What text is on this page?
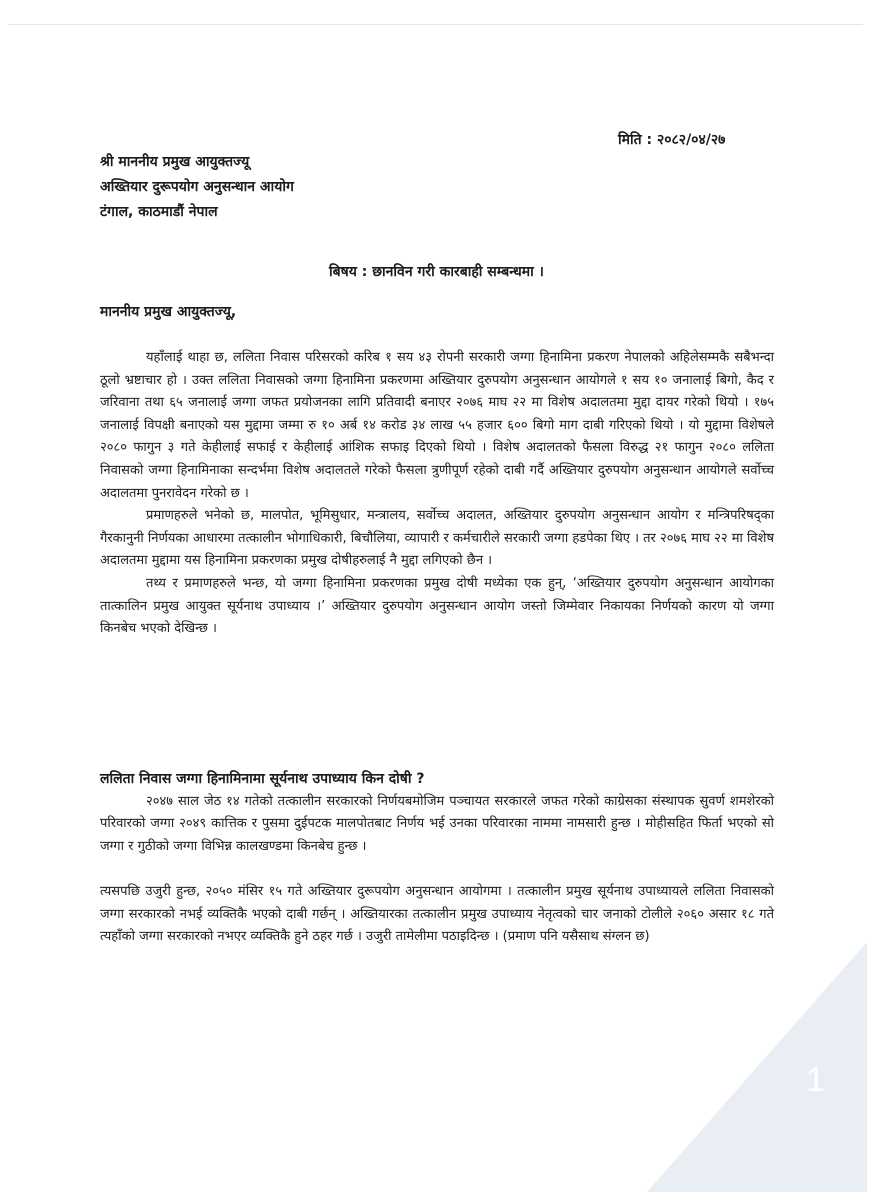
1
मिति : २०८२/०४/२७
श्री माननीय प्रमुख आयुक्तज्यू
अख्तियार दुरूपयोग अनुसन्धान आयोग
टंगाल, काठमाडौं नेपाल
बिषय : छानविन गरी कारबाही सम्बन्धमा ।
माननीय प्रमुख आयुक्तज्यू,

यहाँलाई थाहा छ, ललिता निवास परिसरको करिब १ सय ४३ रोपनी सरकारी जग्गा हिनामिना प्रकरण नेपालको अहिलेसम्मकै सबैभन्दा ठूलो भ्रष्टाचार हो । उक्त ललिता निवासको जग्गा हिनामिना प्रकरणमा अख्तियार दुरुपयोग अनुसन्धान आयोगले १ सय १० जनालाई बिगो, कैद र जरिवाना तथा ६५ जनालाई जग्गा जफत प्रयोजनका लागि प्रतिवादी बनाएर २०७६ माघ २२ मा विशेष अदालतमा मुद्दा दायर गरेको थियो । १७५ जनालाई विपक्षी बनाएको यस मुद्दामा जम्मा रु १० अर्ब १४ करोड ३४ लाख ५५ हजार ६०० बिगो माग दाबी गरिएको थियो । यो मुद्दामा विशेषले २०८० फागुन ३ गते केहीलाई सफाई र केहीलाई आंशिक सफाइ दिएको थियो । विशेष अदालतको फैसला विरुद्ध २१ फागुन २०८० ललिता निवासको जग्गा हिनामिनाका सन्दर्भमा विशेष अदालतले गरेको फैसला त्रुणीपूर्ण रहेको दाबी गर्दै अख्तियार दुरुपयोग अनुसन्धान आयोगले सर्वोच्च अदालतमा पुनरावेदन गरेको छ ।

प्रमाणहरुले भनेको छ, मालपोत, भूमिसुधार, मन्त्रालय, सर्वोच्च अदालत, अख्तियार दुरुपयोग अनुसन्धान आयोग र मन्त्रिपरिषद्का गैरकानुनी निर्णयका आधारमा तत्कालीन भोगाधिकारी, बिचौलिया, व्यापारी र कर्मचारीले सरकारी जग्गा हडपेका थिए । तर २०७६ माघ २२ मा विशेष अदालतमा मुद्दामा यस हिनामिना प्रकरणका प्रमुख दोषीहरुलाई नै मुद्दा लगिएको छैन ।

तथ्य र प्रमाणहरुले भन्छ, यो जग्गा हिनामिना प्रकरणका प्रमुख दोषी मध्येका एक हुन्, ‘अख्तियार दुरुपयोग अनुसन्धान आयोगका तात्कालिन प्रमुख आयुक्त सूर्यनाथ उपाध्याय ।’ अख्तियार दुरुपयोग अनुसन्धान आयोग जस्तो जिम्मेवार निकायका निर्णयको कारण यो जग्गा किनबेच भएको देखिन्छ ।

ललिता निवास जग्गा हिनामिनामा सूर्यनाथ उपाध्याय किन दोषी ?

२०४७ साल जेठ १४ गतेको तत्कालीन सरकारको निर्णयबमोजिम पञ्चायत सरकारले जफत गरेको काग्रेसका संस्थापक सुवर्ण शमशेरको परिवारको जग्गा २०४९ कात्तिक र पुसमा दुईपटक मालपोतबाट निर्णय भई उनका परिवारका नाममा नामसारी हुन्छ । मोहीसहित फिर्ता भएको सो जग्गा र गुठीको जग्गा विभिन्न कालखण्डमा किनबेच हुन्छ ।

त्यसपछि उजुरी हुन्छ, २०५० मंसिर १५ गते अख्तियार दुरूपयोग अनुसन्धान आयोगमा । तत्कालीन प्रमुख सूर्यनाथ उपाध्यायले ललिता निवासको जग्गा सरकारको नभई व्यक्तिकै भएको दाबी गर्छन् । अख्तियारका तत्कालीन प्रमुख उपाध्याय नेतृत्वको चार जनाको टोलीले २०६० असार १८ गते त्यहाँको जग्गा सरकारको नभएर व्यक्तिकै हुने ठहर गर्छ । उजुरी तामेलीमा पठाइदिन्छ । (प्रमाण पनि यसैसाथ संग्लन छ)
